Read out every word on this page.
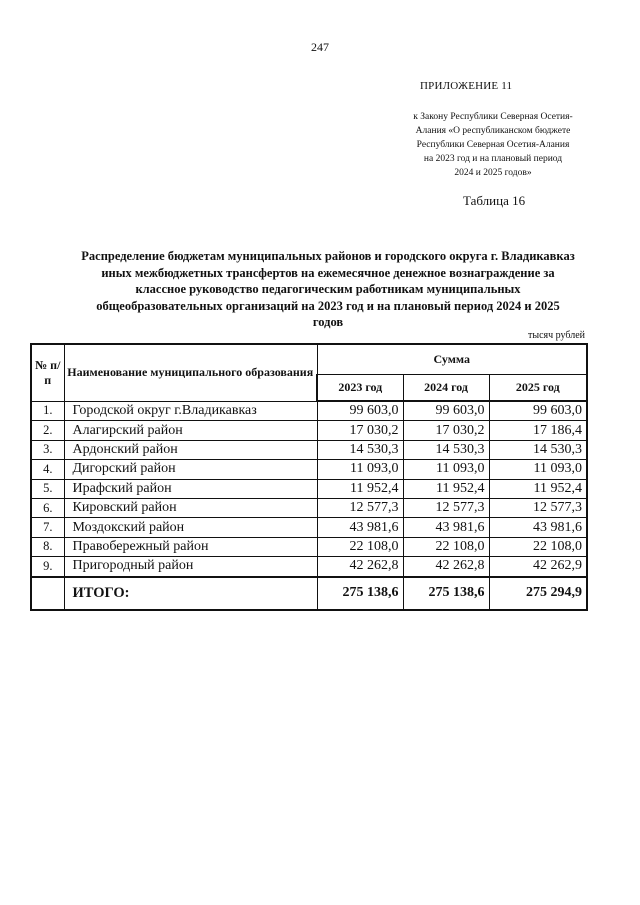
247
ПРИЛОЖЕНИЕ 11
к Закону Республики Северная Осетия-
Алания «О республиканском бюджете
Республики Северная Осетия-Алания
на 2023 год и на плановый период
2024 и 2025 годов»
Таблица 16
Распределение бюджетам муниципальных районов и городского округа г. Владикавказ
иных межбюджетных трансфертов на ежемесячное денежное вознаграждение за
классное руководство педагогическим работникам муниципальных
общеобразовательных организаций на 2023 год и на плановый период 2024 и 2025
годов
тысяч рублей
№ п/п	Наименование муниципального образования	Сумма		
		2023 год	2024 год	2025 год
1.	Городской округ г.Владикавказ	99 603,0	99 603,0	99 603,0
2.	Алагирский район	17 030,2	17 030,2	17 186,4
3.	Ардонский район	14 530,3	14 530,3	14 530,3
4.	Дигорский район	11 093,0	11 093,0	11 093,0
5.	Ирафский район	11 952,4	11 952,4	11 952,4
6.	Кировский район	12 577,3	12 577,3	12 577,3
7.	Моздокский район	43 981,6	43 981,6	43 981,6
8.	Правобережный район	22 108,0	22 108,0	22 108,0
9.	Пригородный район	42 262,8	42 262,8	42 262,9
	ИТОГО:	275 138,6	275 138,6	275 294,9
